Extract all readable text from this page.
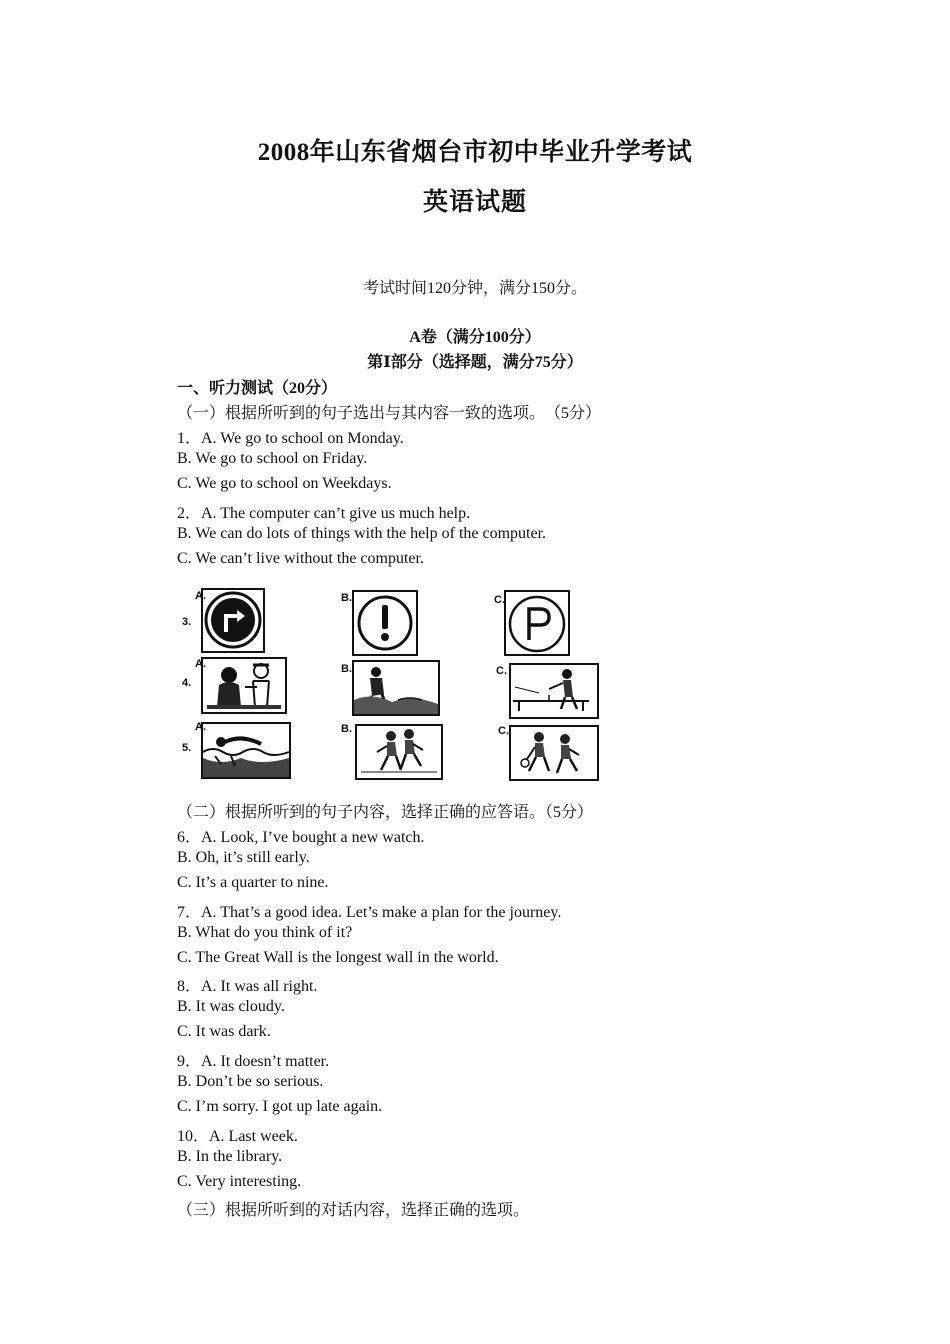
2008年山东省烟台市初中毕业升学考试
英语试题
考试时间120分钟，满分150分。
A卷（满分100分）
第Ⅰ部分（选择题，满分75分）
一、听力测试（20分）
（一）根据所听到的句子选出与其内容一致的选项。　（5分）
1．A. We go to school on Monday.
B. We go to school on Friday.
C. We go to school on Weekdays.
2．A. The computer can’t give us much help.
B. We can do lots of things with the help of the computer.
C. We can’t live without the computer.
3.
A.	B.	C.
4.
A.	B.	C.
5.
A.	B.	C.
（二）根据所听到的句子内容，选择正确的应答语。（5分）
6．A. Look, I’ve bought a new watch.
B. Oh, it’s still early.
C. It’s a quarter to nine.
7．A. That’s a good idea. Let’s make a plan for the journey.
B. What do you think of it?
C. The Great Wall is the longest wall in the world.
8．A. It was all right.
B. It was cloudy.
C. It was dark.
9．A. It doesn’t matter.
B. Don’t be so serious.
C. I’m sorry. I got up late again.
10．A. Last week.
B. In the library.
C. Very interesting.
（三）根据所听到的对话内容，选择正确的选项。
